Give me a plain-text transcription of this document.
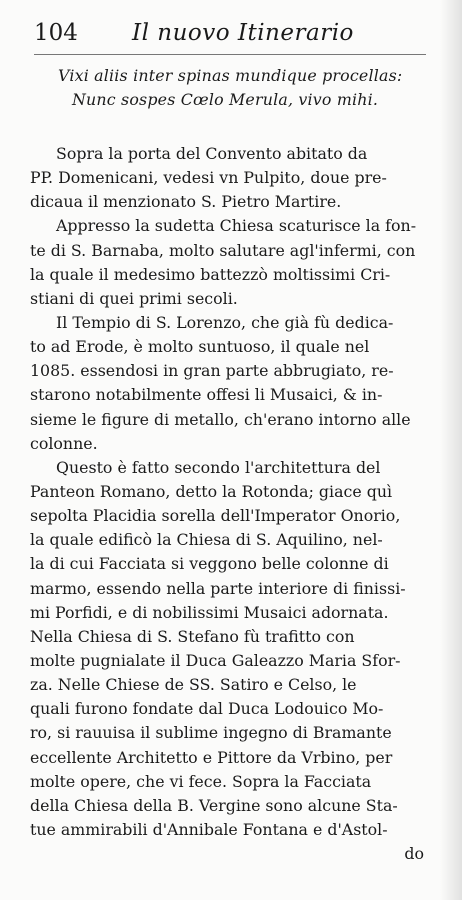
104 Il nuovo Itinerario
Vixi aliis inter spinas mundique procellas:
Nunc sospes Cœlo Merula, vivo mihi.
Sopra la porta del Convento abitato da
PP. Domenicani, vedesi vn Pulpito, doue pre-
dicaua il menzionato S. Pietro Martire.
Appresso la sudetta Chiesa scaturisce la fon-
te di S. Barnaba, molto salutare agl'infermi, con
la quale il medesimo battezzò moltissimi Cri-
stiani di quei primi secoli.
Il Tempio di S. Lorenzo, che già fù dedica-
to ad Erode, è molto suntuoso, il quale nel
1085. essendosi in gran parte abbrugiato, re-
starono notabilmente offesi li Musaici, & in-
sieme le figure di metallo, ch'erano intorno alle
colonne.
Questo è fatto secondo l'architettura del
Panteon Romano, detto la Rotonda; giace quì
sepolta Placidia sorella dell'Imperator Onorio,
la quale edificò la Chiesa di S. Aquilino, nel-
la di cui Facciata si veggono belle colonne di
marmo, essendo nella parte interiore di finissi-
mi Porfidi, e di nobilissimi Musaici adornata.
Nella Chiesa di S. Stefano fù trafitto con
molte pugnialate il Duca Galeazzo Maria Sfor-
za. Nelle Chiese de SS. Satiro e Celso, le
quali furono fondate dal Duca Lodouico Mo-
ro, si rauuisa il sublime ingegno di Bramante
eccellente Architetto e Pittore da Vrbino, per
molte opere, che vi fece. Sopra la Facciata
della Chiesa della B. Vergine sono alcune Sta-
tue ammirabili d'Annibale Fontana e d'Astol-
do
